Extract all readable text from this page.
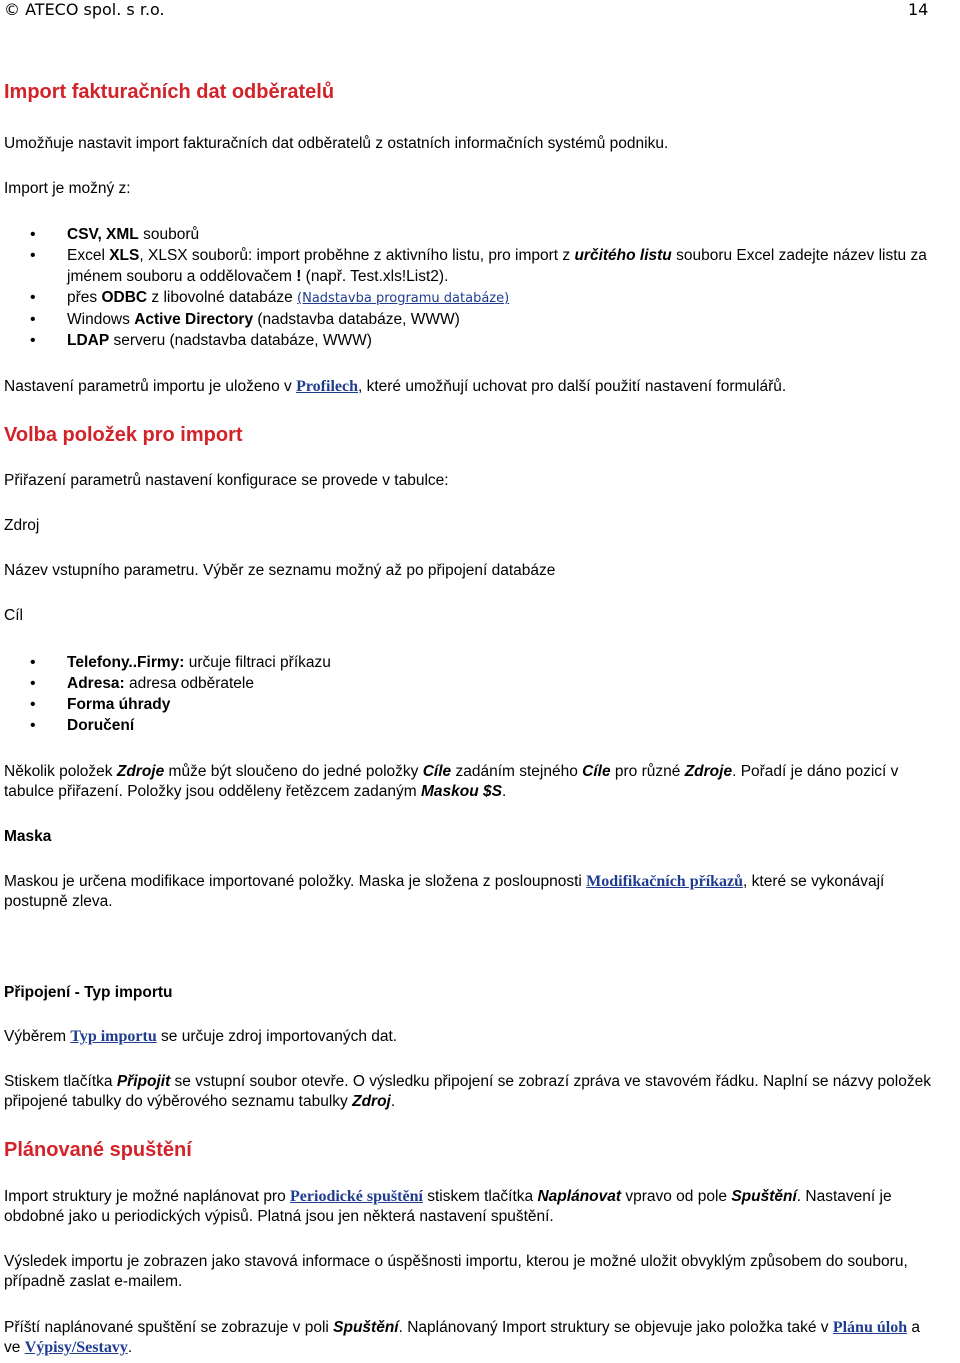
© ATECO spol. s r.o.	14
Import fakturačních dat odběratelů
Umožňuje nastavit import fakturačních dat odběratelů z ostatních informačních systémů podniku.
Import je možný z:
• CSV, XML souborů
• Excel XLS, XLSX souborů: import proběhne z aktivního listu, pro import z určitého listu souboru Excel zadejte název listu za jménem souboru a oddělovačem ! (např. Test.xls!List2).
• přes ODBC z libovolné databáze (Nadstavba programu databáze)
• Windows Active Directory (nadstavba databáze, WWW)
• LDAP serveru (nadstavba databáze, WWW)
Nastavení parametrů importu je uloženo v Profilech, které umožňují uchovat pro další použití nastavení formulářů.
Volba položek pro import
Přiřazení parametrů nastavení konfigurace se provede v tabulce:
Zdroj
Název vstupního parametru. Výběr ze seznamu možný až po připojení databáze
Cíl
• Telefony..Firmy: určuje filtraci příkazu
• Adresa: adresa odběratele
• Forma úhrady
• Doručení
Několik položek Zdroje může být sloučeno do jedné položky Cíle zadáním stejného Cíle pro různé Zdroje. Pořadí je dáno pozicí v tabulce přiřazení. Položky jsou odděleny řetězcem zadaným Maskou $S.
Maska
Maskou je určena modifikace importované položky. Maska je složena z posloupnosti Modifikačních příkazů, které se vykonávají postupně zleva.
Připojení - Typ importu
Výběrem Typ importu se určuje zdroj importovaných dat.
Stiskem tlačítka Připojit se vstupní soubor otevře. O výsledku připojení se zobrazí zpráva ve stavovém řádku. Naplní se názvy položek připojené tabulky do výběrového seznamu tabulky Zdroj.
Plánované spuštění
Import struktury je možné naplánovat pro Periodické spuštění stiskem tlačítka Naplánovat vpravo od pole Spuštění. Nastavení je obdobné jako u periodických výpisů. Platná jsou jen některá nastavení spuštění.
Výsledek importu je zobrazen jako stavová informace o úspěšnosti importu, kterou je možné uložit obvyklým způsobem do souboru, případně zaslat e-mailem.
Příští naplánované spuštění se zobrazuje v poli Spuštění. Naplánovaný Import struktury se objevuje jako položka také v Plánu úloh a ve Výpisy/Sestavy.
